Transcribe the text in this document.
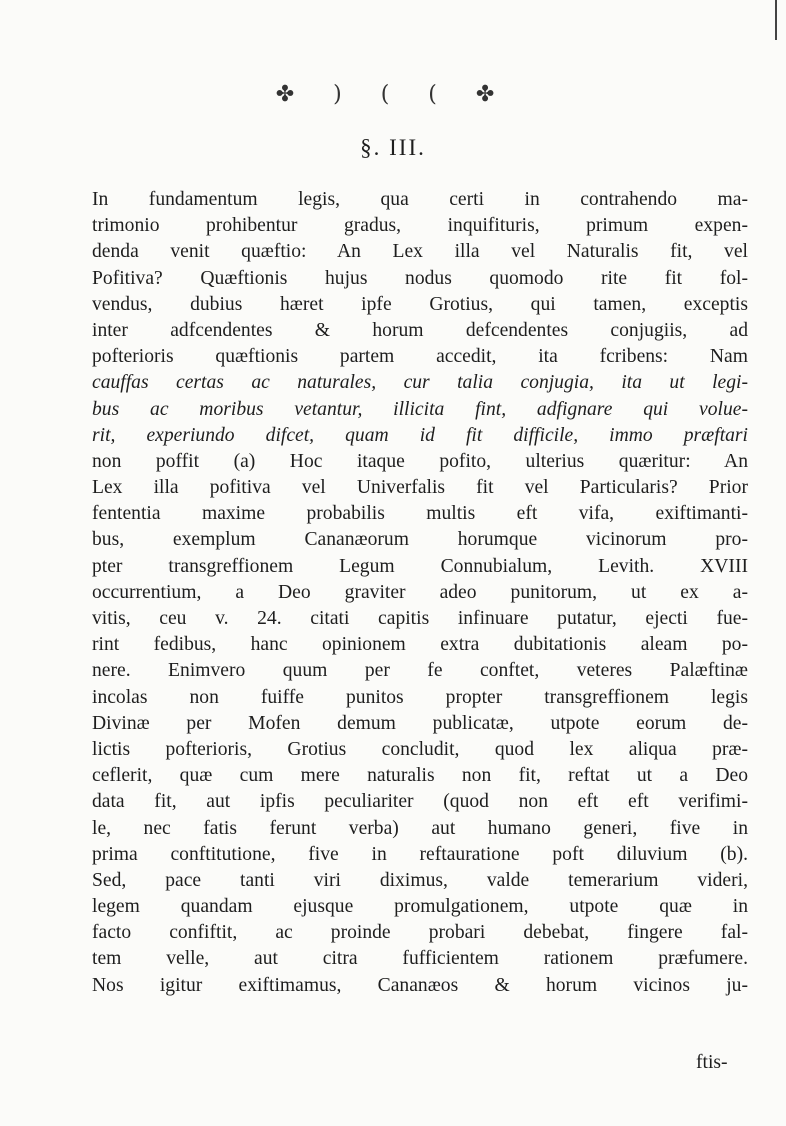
✤ ) ( ( ✤
§. III.
In fundamentum legis, qua certi in contrahendo ma-
trimonio prohibentur gradus, inquifituris, primum expen-
denda venit quæftio: An Lex illa vel Naturalis fit, vel
Pofitiva? Quæftionis hujus nodus quomodo rite fit fol-
vendus, dubius hæret ipfe Grotius, qui tamen, exceptis
inter adfcendentes & horum defcendentes conjugiis, ad
pofterioris quæftionis partem accedit, ita fcribens: Nam
cauffas certas ac naturales, cur talia conjugia, ita ut legi-
bus ac moribus vetantur, illicita fint, adfignare qui volue-
rit, experiundo difcet, quam id fit difficile, immo præftari
non poffit (a) Hoc itaque pofito, ulterius quæritur: An
Lex illa pofitiva vel Univerfalis fit vel Particularis? Prior
fententia maxime probabilis multis eft vifa, exiftimanti-
bus, exemplum Cananæorum horumque vicinorum pro-
pter transgreffionem Legum Connubialum, Levith. XVIII
occurrentium, a Deo graviter adeo punitorum, ut ex a-
vitis, ceu v. 24. citati capitis infinuare putatur, ejecti fue-
rint fedibus, hanc opinionem extra dubitationis aleam po-
nere. Enimvero quum per fe conftet, veteres Palæftinæ
incolas non fuiffe punitos propter transgreffionem legis
Divinæ per Mofen demum publicatæ, utpote eorum de-
lictis pofterioris, Grotius concludit, quod lex aliqua præ-
ceflerit, quæ cum mere naturalis non fit, reftat ut a Deo
data fit, aut ipfis peculiariter (quod non eft eft verifimi-
le, nec fatis ferunt verba) aut humano generi, five in
prima conftitutione, five in reftauratione poft diluvium (b).
Sed, pace tanti viri diximus, valde temerarium videri,
legem quandam ejusque promulgationem, utpote quæ in
facto confiftit, ac proinde probari debebat, fingere fal-
tem velle, aut citra fufficientem rationem præfumere.
Nos igitur exiftimamus, Cananæos & horum vicinos ju-
ftis-
